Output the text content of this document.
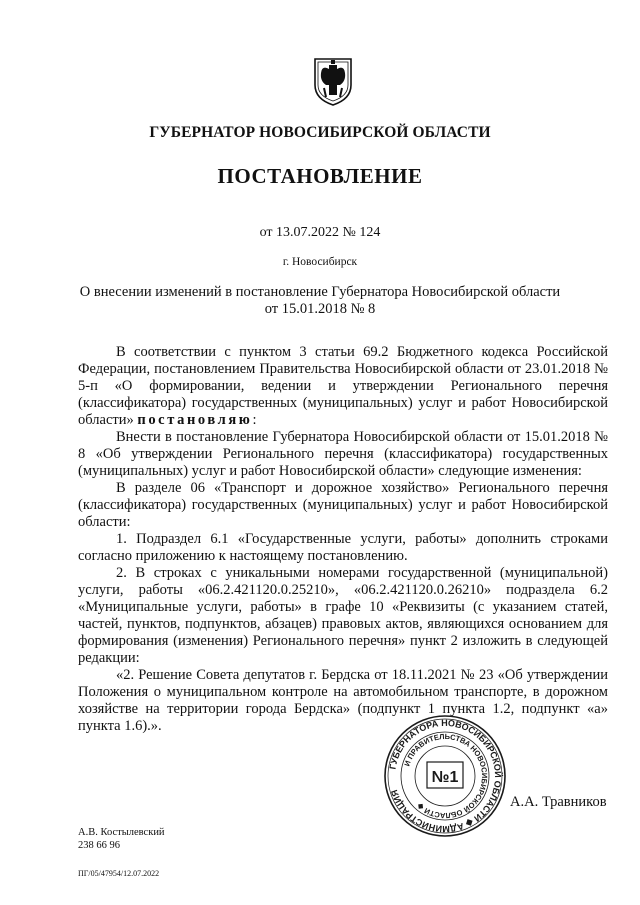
ГУБЕРНАТОР НОВОСИБИРСКОЙ ОБЛАСТИ
ПОСТАНОВЛЕНИЕ
от 13.07.2022 № 124
г. Новосибирск
О внесении изменений в постановление Губернатора Новосибирской области
от 15.01.2018 № 8

В соответствии с пунктом 3 статьи 69.2 Бюджетного кодекса Российской Федерации, постановлением Правительства Новосибирской области от 23.01.2018 № 5-п «О формировании, ведении и утверждении Регионального перечня (классификатора) государственных (муниципальных) услуг и работ Новосибирской области» постановляю:

Внести в постановление Губернатора Новосибирской области от 15.01.2018 № 8 «Об утверждении Регионального перечня (классификатора) государственных (муниципальных) услуг и работ Новосибирской области» следующие изменения:

В разделе 06 «Транспорт и дорожное хозяйство» Регионального перечня (классификатора) государственных (муниципальных) услуг и работ Новосибирской области:

1. Подраздел 6.1 «Государственные услуги, работы» дополнить строками согласно приложению к настоящему постановлению.

2. В строках с уникальными номерами государственной (муниципальной) услуги, работы «06.2.421120.0.25210», «06.2.421120.0.26210» подраздела 6.2 «Муниципальные услуги, работы» в графе 10 «Реквизиты (с указанием статей, частей, пунктов, подпунктов, абзацев) правовых актов, являющихся основанием для формирования (изменения) Регионального перечня» пункт 2 изложить в следующей редакции:

«2. Решение Совета депутатов г. Бердска от 18.11.2021 № 23 «Об утверждении Положения о муниципальном контроле на автомобильном транспорте, в дорожном хозяйстве на территории города Бердска» (подпункт 1 пункта 1.2, подпункт «а» пункта 1.6).».

ГУБЕРНАТОРА НОВОСИБИРСКОЙ ОБЛАСТИ ◆ АДМИНИСТРАЦИЯ
И ПРАВИТЕЛЬСТВА НОВОСИБИРСКОЙ ОБЛАСТИ ◆
№1
А.А. Травников
А.В. Костылевский
238 66 96
ПГ/05/47954/12.07.2022
